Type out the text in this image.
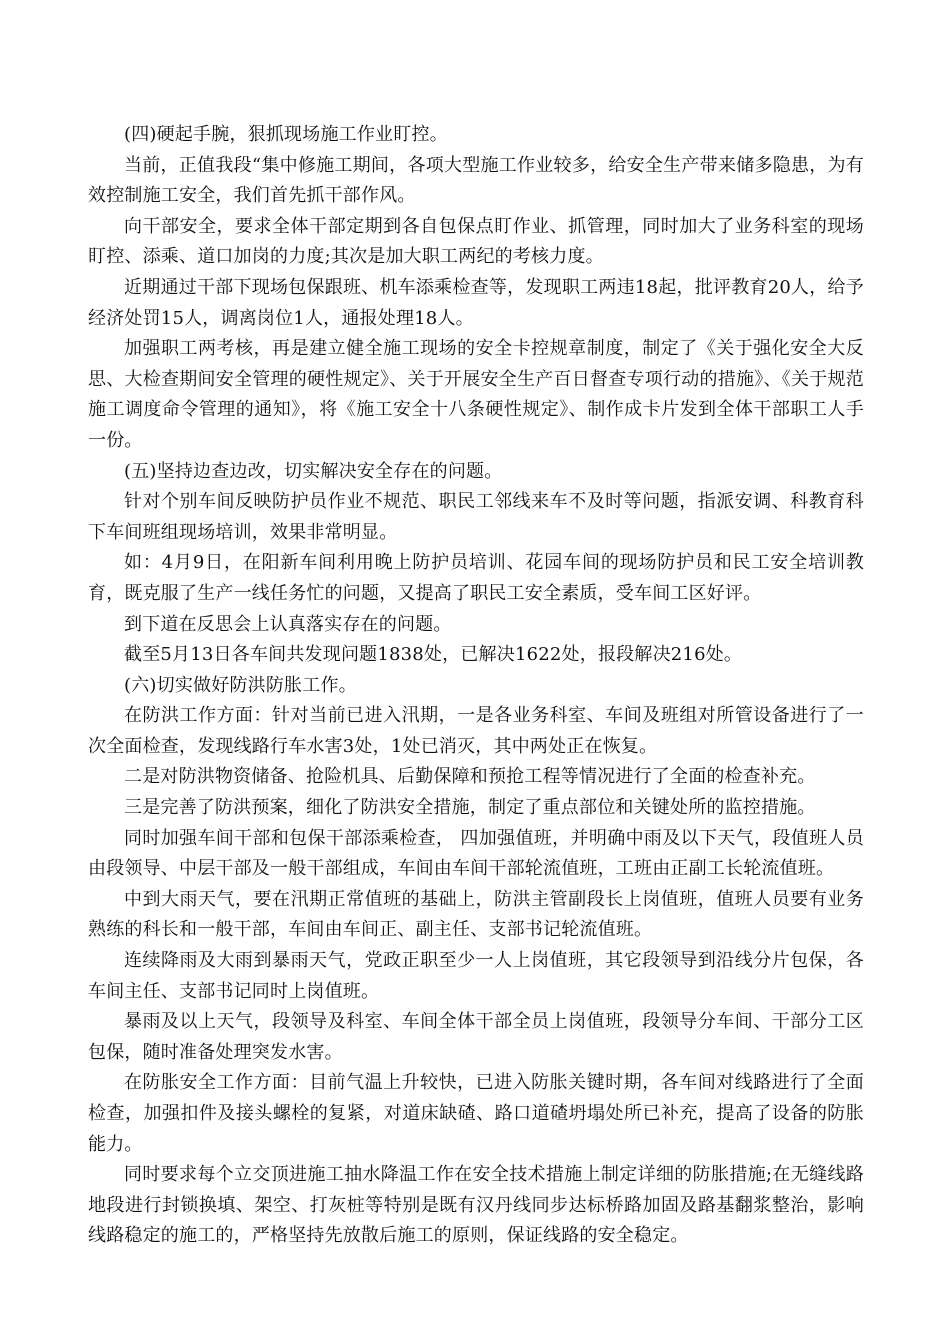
(四)硬起手腕，狠抓现场施工作业盯控。

当前，正值我段“集中修施工期间，各项大型施工作业较多，给安全生产带来储多隐患，为有效控制施工安全，我们首先抓干部作风。

向干部安全，要求全体干部定期到各自包保点盯作业、抓管理，同时加大了业务科室的现场盯控、添乘、道口加岗的力度;其次是加大职工两纪的考核力度。

近期通过干部下现场包保跟班、机车添乘检查等，发现职工两违18起，批评教育20人，给予经济处罚15人，调离岗位1人，通报处理18人。

加强职工两考核，再是建立健全施工现场的安全卡控规章制度，制定了《关于强化安全大反思、大检查期间安全管理的硬性规定》、关于开展安全生产百日督查专项行动的措施》、《关于规范施工调度命令管理的通知》，将《施工安全十八条硬性规定》、制作成卡片发到全体干部职工人手一份。

(五)坚持边查边改，切实解决安全存在的问题。

针对个别车间反映防护员作业不规范、职民工邻线来车不及时等问题，指派安调、科教育科下车间班组现场培训，效果非常明显。

如：4月9日，在阳新车间利用晚上防护员培训、花园车间的现场防护员和民工安全培训教育，既克服了生产一线任务忙的问题，又提高了职民工安全素质，受车间工区好评。

到下道在反思会上认真落实存在的问题。

截至5月13日各车间共发现问题1838处，已解决1622处，报段解决216处。

(六)切实做好防洪防胀工作。

在防洪工作方面：针对当前已进入汛期，一是各业务科室、车间及班组对所管设备进行了一次全面检查，发现线路行车水害3处，1处已消灭，其中两处正在恢复。

二是对防洪物资储备、抢险机具、后勤保障和预抢工程等情况进行了全面的检查补充。

三是完善了防洪预案，细化了防洪安全措施，制定了重点部位和关键处所的监控措施。

同时加强车间干部和包保干部添乘检查， 四加强值班，并明确中雨及以下天气，段值班人员由段领导、中层干部及一般干部组成，车间由车间干部轮流值班，工班由正副工长轮流值班。

中到大雨天气，要在汛期正常值班的基础上，防洪主管副段长上岗值班，值班人员要有业务熟练的科长和一般干部，车间由车间正、副主任、支部书记轮流值班。

连续降雨及大雨到暴雨天气，党政正职至少一人上岗值班，其它段领导到沿线分片包保，各车间主任、支部书记同时上岗值班。

暴雨及以上天气，段领导及科室、车间全体干部全员上岗值班，段领导分车间、干部分工区包保，随时准备处理突发水害。

在防胀安全工作方面：目前气温上升较快，已进入防胀关键时期，各车间对线路进行了全面检查，加强扣件及接头螺栓的复紧，对道床缺碴、路口道碴坍塌处所已补充，提高了设备的防胀能力。

同时要求每个立交顶进施工抽水降温工作在安全技术措施上制定详细的防胀措施;在无缝线路地段进行封锁换填、架空、打灰桩等特别是既有汉丹线同步达标桥路加固及路基翻浆整治，影响线路稳定的施工的，严格坚持先放散后施工的原则，保证线路的安全稳定。
